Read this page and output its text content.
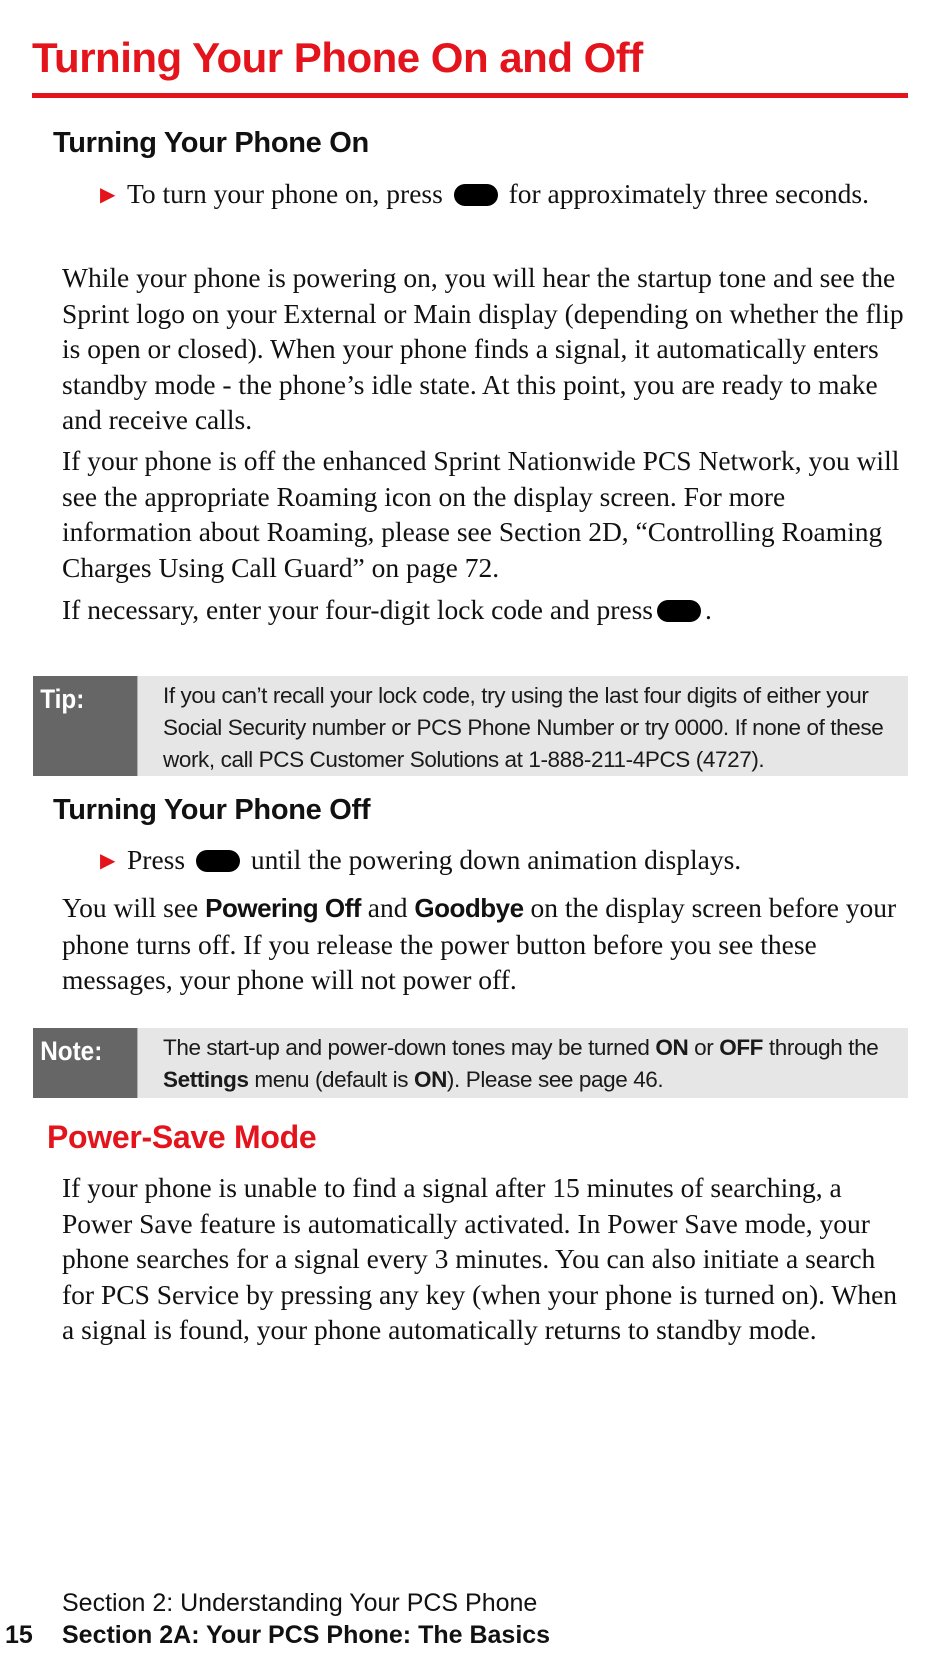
Turning Your Phone On and Off
Turning Your Phone On

▶ To turn your phone on, press for approximately three seconds.

While your phone is powering on, you will hear the startup tone and see the Sprint logo on your External or Main display (depending on whether the flip is open or closed). When your phone finds a signal, it automatically enters standby mode - the phone’s idle state. At this point, you are ready to make and receive calls.

If your phone is off the enhanced Sprint Nationwide PCS Network, you will see the appropriate Roaming icon on the display screen. For more information about Roaming, please see Section 2D, “Controlling Roaming Charges Using Call Guard” on page 72.

If necessary, enter your four-digit lock code and press .

Tip:	If you can’t recall your lock code, try using the last four digits of either your Social Security number or PCS Phone Number or try 0000. If none of these work, call PCS Customer Solutions at 1-888-211-4PCS (4727).
Turning Your Phone Off

▶ Press until the powering down animation displays.

You will see Powering Off and Goodbye on the display screen before your phone turns off. If you release the power button before you see these messages, your phone will not power off.

Note:	The start-up and power-down tones may be turned ON or OFF through the Settings menu (default is ON). Please see page 46.
Power-Save Mode

If your phone is unable to find a signal after 15 minutes of searching, a Power Save feature is automatically activated. In Power Save mode, your phone searches for a signal every 3 minutes. You can also initiate a search for PCS Service by pressing any key (when your phone is turned on). When a signal is found, your phone automatically returns to standby mode.

Section 2: Understanding Your PCS Phone

15 Section 2A: Your PCS Phone: The Basics
